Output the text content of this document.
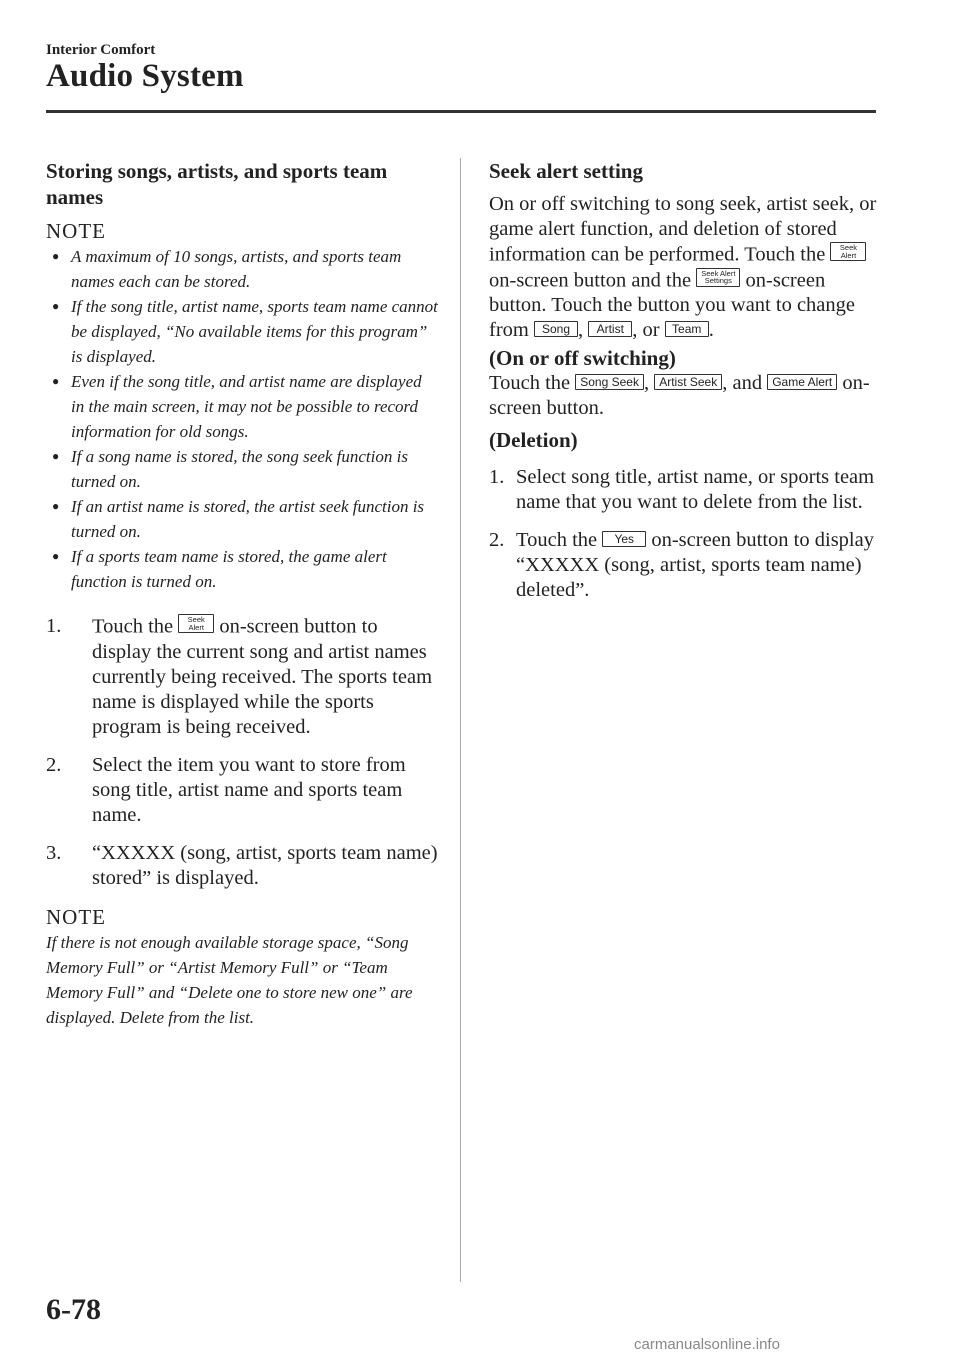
Interior Comfort
Audio System
Storing songs, artists, and sports team names
NOTE
● A maximum of 10 songs, artists, and sports team names each can be stored.
● If the song title, artist name, sports team name cannot be displayed, “No available items for this program” is displayed.
● Even if the song title, and artist name are displayed in the main screen, it may not be possible to record information for old songs.
● If a song name is stored, the song seek function is turned on.
● If an artist name is stored, the artist seek function is turned on.
● If a sports team name is stored, the game alert function is turned on.
1. Touch the Seek
Alert on-screen button to display the current song and artist names currently being received. The sports team name is displayed while the sports program is being received.
2. Select the item you want to store from song title, artist name and sports team name.
3. “XXXXX (song, artist, sports team name) stored” is displayed.
NOTE

If there is not enough available storage space, “Song Memory Full” or “Artist Memory Full” or “Team Memory Full” and “Delete one to store new one” are displayed. Delete from the list.

Seek alert setting

On or off switching to song seek, artist seek, or game alert function, and deletion of stored information can be performed. Touch the Seek
Alert on-screen button and the Seek Alert
Settings on-screen button. Touch the button you want to change from Song , Artist , or Team .

(On or off switching)

Touch the Song Seek , Artist Seek , and Game Alert on-screen button.

(Deletion)
1. Select song title, artist name, or sports team name that you want to delete from the list.
2. Touch the Yes on-screen button to display “XXXXX (song, artist, sports team name) deleted”.
6-78
carmanualsonline.info
